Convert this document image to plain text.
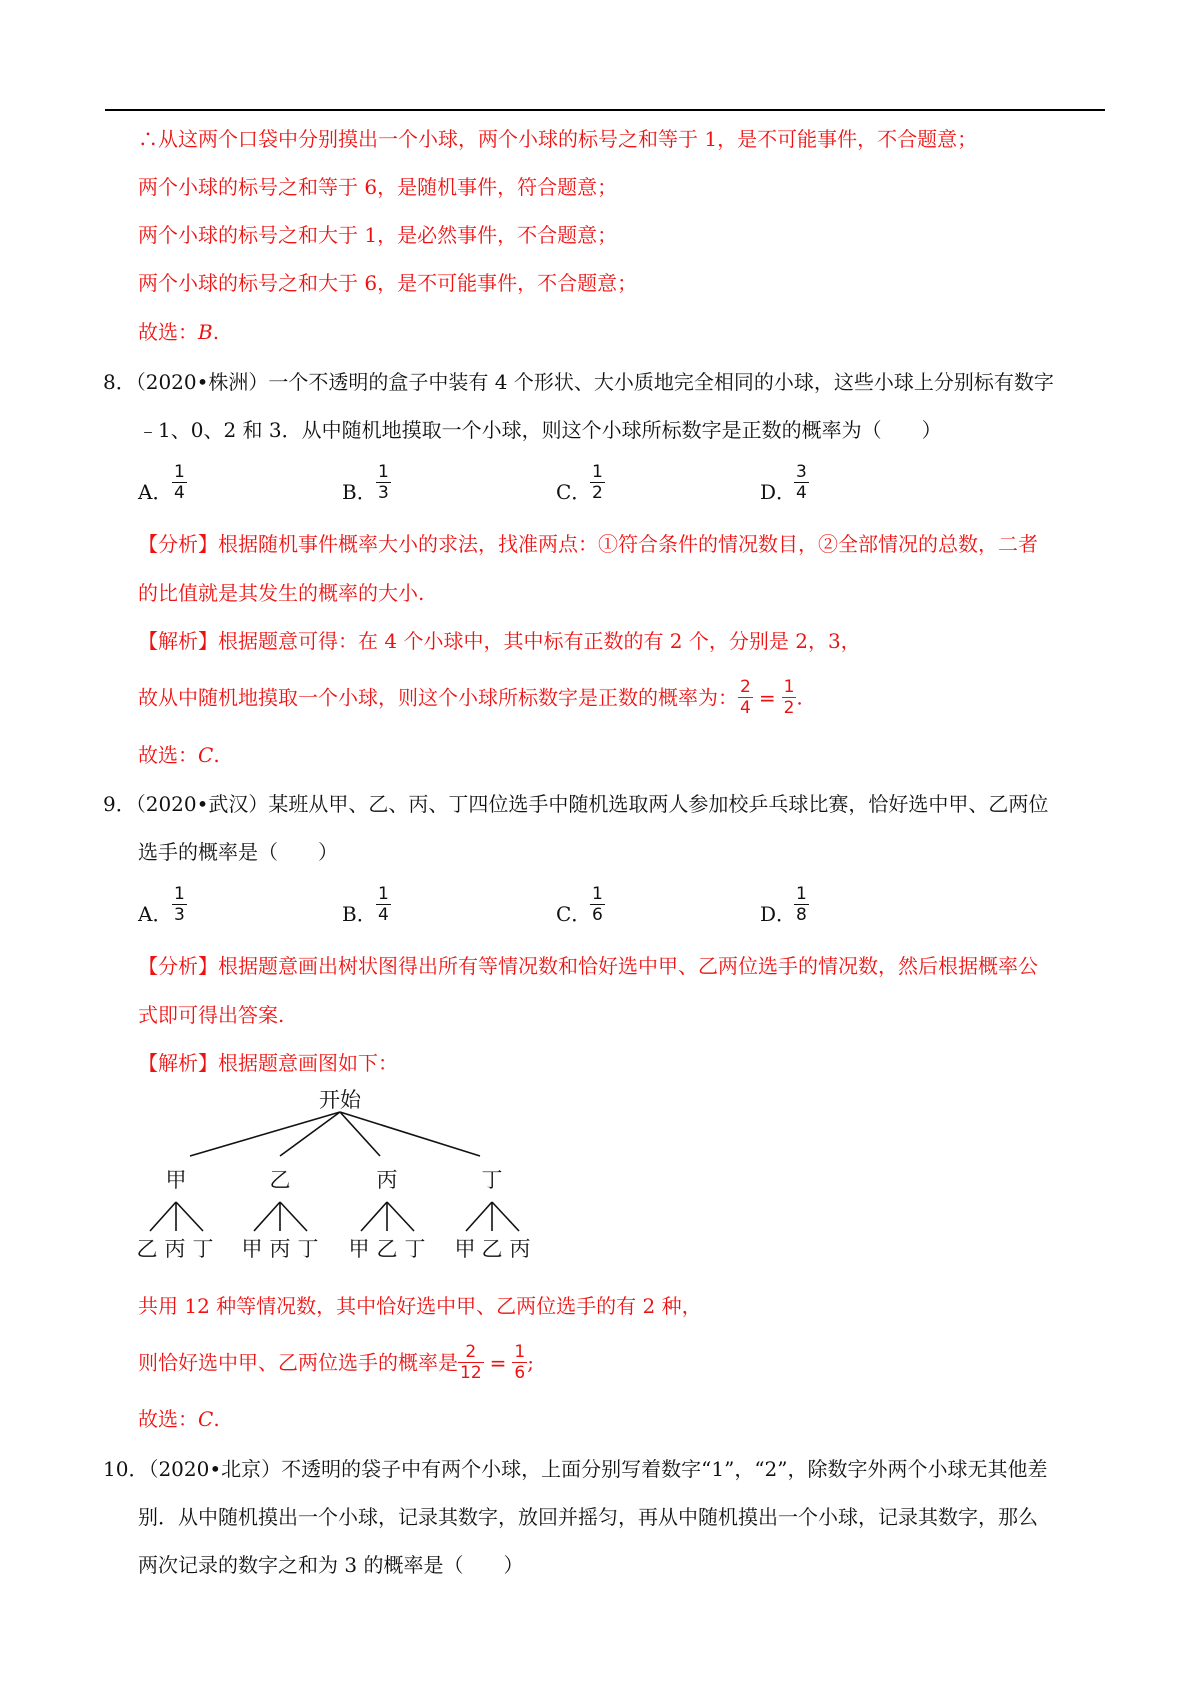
∴从这两个口袋中分别摸出一个小球，两个小球的标号之和等于 1，是不可能事件，不合题意；
两个小球的标号之和等于 6，是随机事件，符合题意；
两个小球的标号之和大于 1，是必然事件，不合题意；
两个小球的标号之和大于 6，是不可能事件，不合题意；
故选：B.
8．（2020•株洲）一个不透明的盒子中装有 4 个形状、大小质地完全相同的小球，这些小球上分别标有数字
﹣1、0、2 和 3．从中随机地摸取一个小球，则这个小球所标数字是正数的概率为（　　）
A． $\frac{1}{4}$	B． $\frac{1}{3}$	C．
$\frac{1}{2}$	D．
$\frac{3}{4}$
【分析】根据随机事件概率大小的求法，找准两点：①符合条件的情况数目，②全部情况的总数，二者
的比值就是其发生的概率的大小.
【解析】根据题意可得：在 4 个小球中，其中标有正数的有 2 个，分别是 2，3，
故从中随机地摸取一个小球，则这个小球所标数字是正数的概率为： $\frac{2}{4} = \frac{1}{2}$ .
故选：C.
9．（2020•武汉）某班从甲、乙、丙、丁四位选手中随机选取两人参加校乒乓球比赛，恰好选中甲、乙两位
选手的概率是（　　）
A． $\frac{1}{3}$	B． $\frac{1}{4}$	C．
$\frac{1}{6}$	D．
$\frac{1}{8}$
【分析】根据题意画出树状图得出所有等情况数和恰好选中甲、乙两位选手的情况数，然后根据概率公
式即可得出答案.
【解析】根据题意画图如下：
开始
甲	乙	丙	丁
乙 丙 丁 甲 丙 丁 甲 乙 丁 甲 乙 丙
共用 12 种等情况数，其中恰好选中甲、乙两位选手的有 2 种，
则恰好选中甲、乙两位选手的概率是 $\frac{2}{12} = \frac{1}{6}$ ;
故选：C.
10．（2020•北京）不透明的袋子中有两个小球，上面分别写着数字“1”，“2”，除数字外两个小球无其他差
别．从中随机摸出一个小球，记录其数字，放回并摇匀，再从中随机摸出一个小球，记录其数字，那么
两次记录的数字之和为 3 的概率是（　　）
